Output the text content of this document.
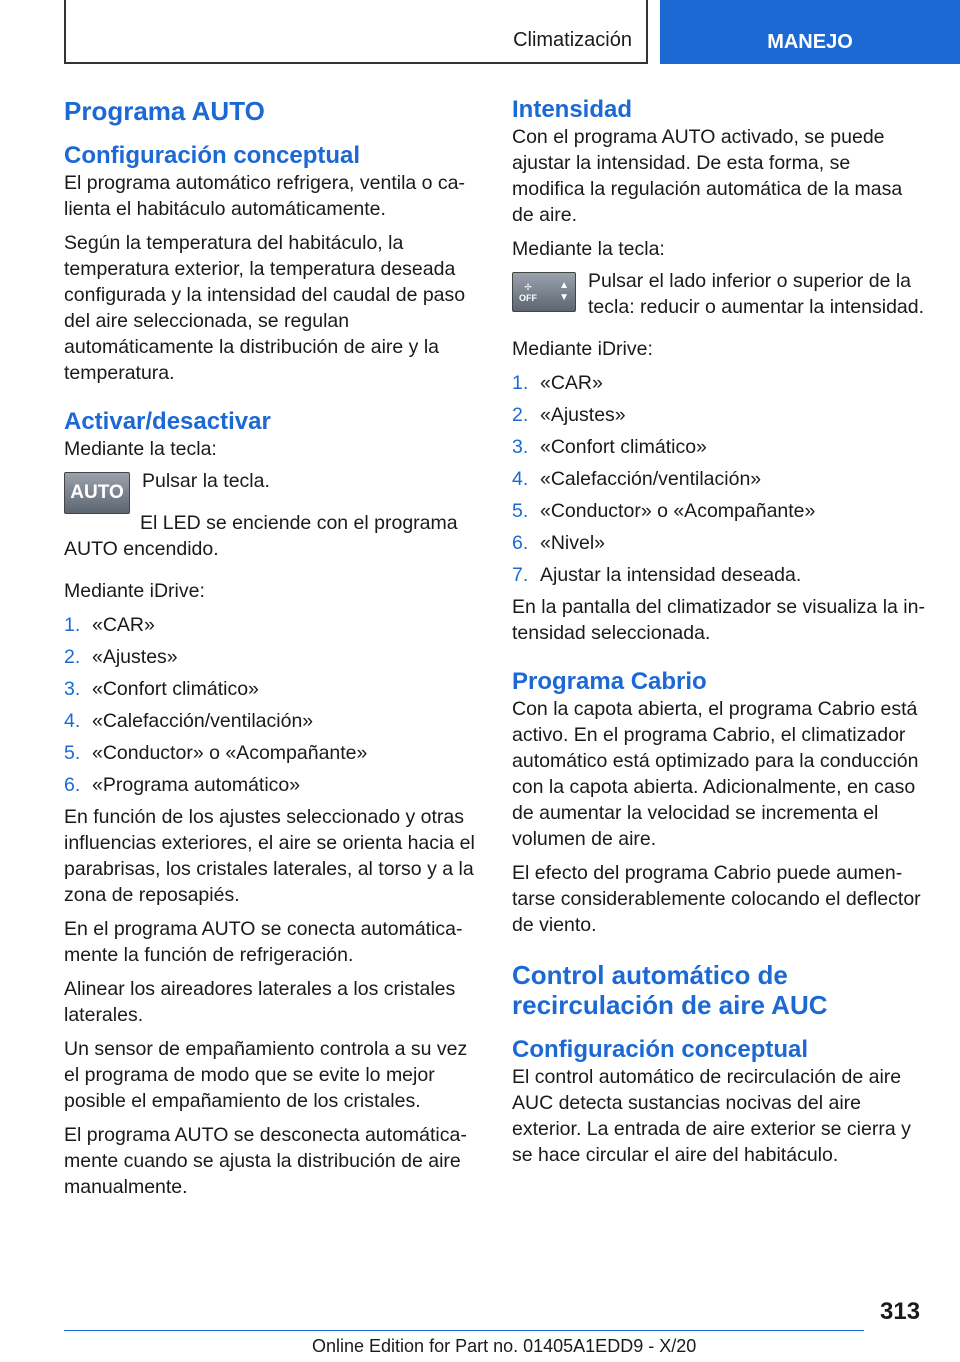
Climatización	MANEJO
Programa AUTO
Configuración conceptual

El programa automático refrigera, ventila o calienta el habitáculo automáticamente.

Según la temperatura del habitáculo, la temperatura exterior, la temperatura deseada configurada y la intensidad del caudal de paso del aire seleccionada, se regulan automáticamente la distribución de aire y la temperatura.

Activar/desactivar

Mediante la tecla:

AUTO

Pulsar la tecla.

El LED se enciende con el programa AUTO encendido.

Mediante iDrive:

1. «CAR»
2. «Ajustes»
3. «Confort climático»
4. «Calefacción/ventilación»
5. «Conductor» o «Acompañante»
6. «Programa automático»

En función de los ajustes seleccionado y otras influencias exteriores, el aire se orienta hacia el parabrisas, los cristales laterales, al torso y a la zona de reposapiés.

En el programa AUTO se conecta automáticamente la función de refrigeración.

Alinear los aireadores laterales a los cristales laterales.

Un sensor de empañamiento controla a su vez el programa de modo que se evite lo mejor posible el empañamiento de los cristales.

El programa AUTO se desconecta automáticamente cuando se ajusta la distribución de aire manualmente.

Intensidad

Con el programa AUTO activado, se puede ajustar la intensidad. De esta forma, se modifica la regulación automática de la masa de aire.

Mediante la tecla:

✢
OFF
▲
▼

Pulsar el lado inferior o superior de la tecla: reducir o aumentar la intensidad.

Mediante iDrive:

1. «CAR»
2. «Ajustes»
3. «Confort climático»
4. «Calefacción/ventilación»
5. «Conductor» o «Acompañante»
6. «Nivel»
7. Ajustar la intensidad deseada.

En la pantalla del climatizador se visualiza la intensidad seleccionada.

Programa Cabrio

Con la capota abierta, el programa Cabrio está activo. En el programa Cabrio, el climatizador automático está optimizado para la conducción con la capota abierta. Adicionalmente, en caso de aumentar la velocidad se incrementa el volumen de aire.

El efecto del programa Cabrio puede aumentarse considerablemente colocando el deflector de viento.

Control automático de recirculación de aire AUC
Configuración conceptual

El control automático de recirculación de aire AUC detecta sustancias nocivas del aire exterior. La entrada de aire exterior se cierra y se hace circular el aire del habitáculo.

313
Online Edition for Part no. 01405A1EDD9 - X/20
